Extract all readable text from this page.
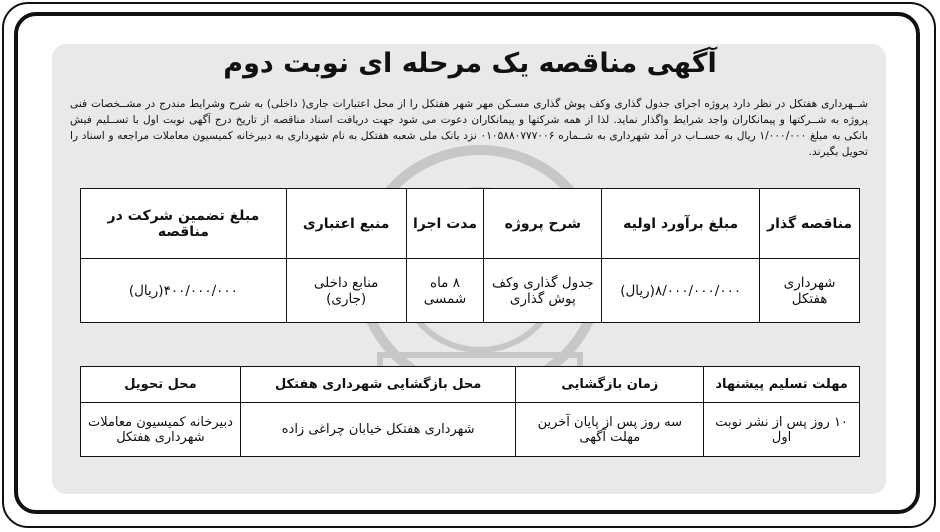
آگهی مناقصه یک مرحله ای نوبت دوم
شــهرداری هفتکل در نظر دارد پروژه اجرای جدول گذاری وکف پوش گذاری مسـکن مهر شهر هفتکل را از محل اعتبارات جاری( داخلی) به شرح وشرایط مندرج در مشــخصات فنی پروژه به شــرکتها و پیمانکاران واجد شرایط واگذار نماید. لذا از همه شرکتها و پیمانکاران دعوت می شود جهت دریافت اسناد مناقصه از تاریخ درج آگهی نوبت اول با تســلیم فیش بانکی به مبلغ ۱/۰۰۰/۰۰۰ ریال به حســاب در آمد شهرداری به شــماره ۰۱۰۵۸۸۰۷۷۷۰۰۶ نزد بانک ملی شعبه هفتکل به نام شهرداری به دبیرخانه کمیسیون معاملات مراجعه و اسناد را تحویل بگیرند.
مناقصه گذار	مبلغ برآورد اولیه	شرح پروژه	مدت اجرا	منبع اعتباری	مبلغ تضمین شرکت در مناقصه
شهرداری هفتکل	۸/۰۰۰/۰۰۰/۰۰۰(ریال)	جدول گذاری وکف پوش گذاری	۸ ماه شمسی	منابع داخلی (جاری)	۴۰۰/۰۰۰/۰۰۰(ریال)
مهلت تسلیم پیشنهاد	زمان بازگشایی	محل بازگشایی شهرداری هفتکل	محل تحویل
۱۰ روز پس از نشر نوبت اول	سه روز پس از پایان آخرین مهلت آگهی	شهرداری هفتکل خیابان چراغی زاده	دبیرخانه کمیسیون معاملات شهرداری هفتکل
